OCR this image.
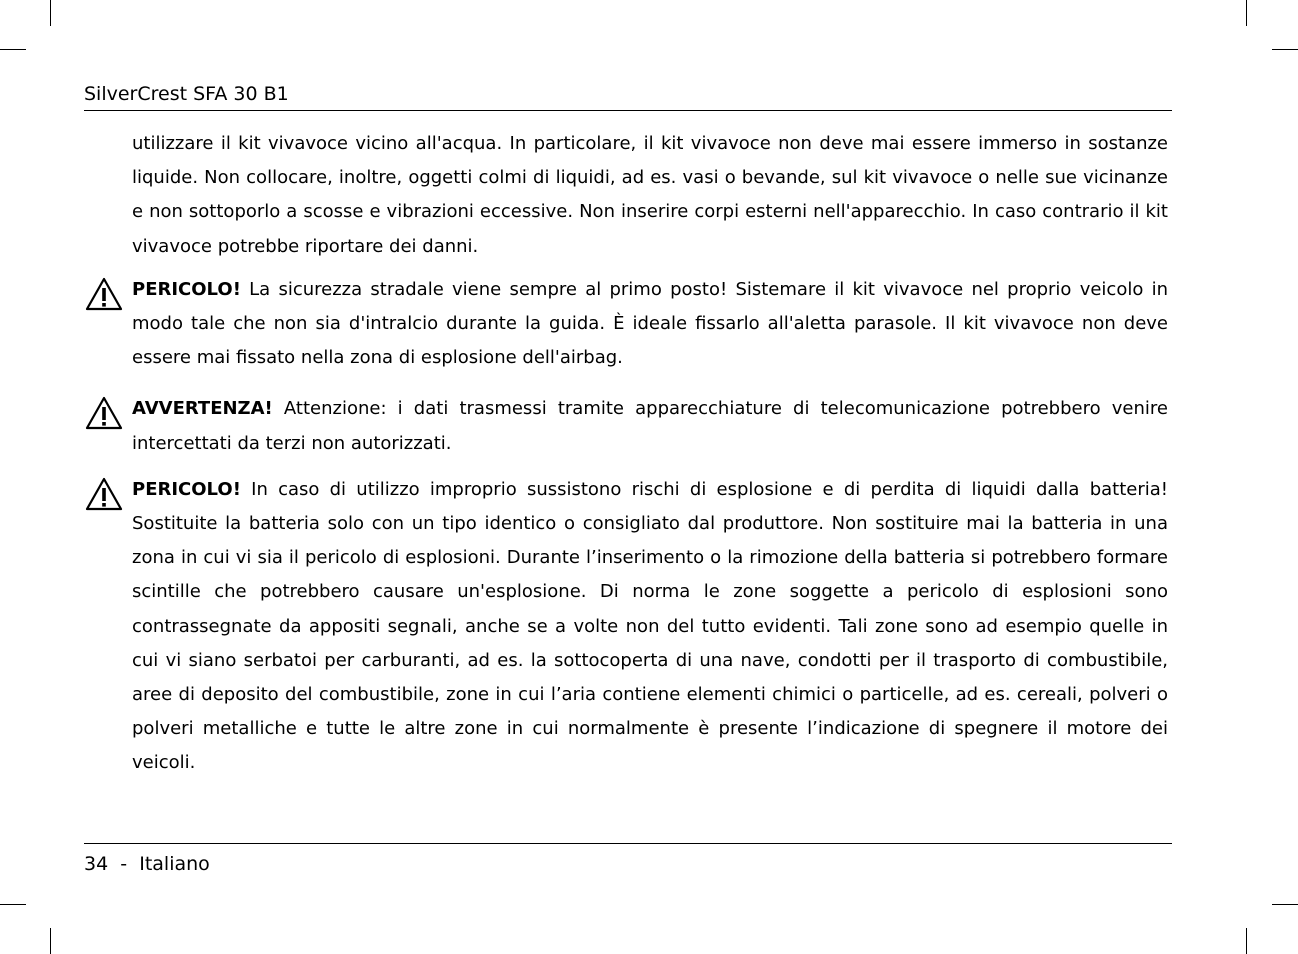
SilverCrest SFA 30 B1

utilizzare il kit vivavoce vicino all'acqua. In particolare, il kit vivavoce non deve mai essere immerso in sostanze liquide. Non collocare, inoltre, oggetti colmi di liquidi, ad es. vasi o bevande, sul kit vivavoce o nelle sue vicinanze e non sottoporlo a scosse e vibrazioni eccessive. Non inserire corpi esterni nell'apparecchio. In caso contrario il kit vivavoce potrebbe riportare dei danni.

PERICOLO! La sicurezza stradale viene sempre al primo posto! Sistemare il kit vivavoce nel proprio veicolo in modo tale che non sia d'intralcio durante la guida. È ideale fissarlo all'aletta parasole. Il kit vivavoce non deve essere mai fissato nella zona di esplosione dell'airbag.

AVVERTENZA! Attenzione: i dati trasmessi tramite apparecchiature di telecomunicazione potrebbero venire intercettati da terzi non autorizzati.

PERICOLO! In caso di utilizzo improprio sussistono rischi di esplosione e di perdita di liquidi dalla batteria! Sostituite la batteria solo con un tipo identico o consigliato dal produttore. Non sostituire mai la batteria in una zona in cui vi sia il pericolo di esplosioni. Durante l’inserimento o la rimozione della batteria si potrebbero formare scintille che potrebbero causare un'esplosione. Di norma le zone soggette a pericolo di esplosioni sono contrassegnate da appositi segnali, anche se a volte non del tutto evidenti. Tali zone sono ad esempio quelle in cui vi siano serbatoi per carburanti, ad es. la sottocoperta di una nave, condotti per il trasporto di combustibile, aree di deposito del combustibile, zone in cui l’aria contiene elementi chimici o particelle, ad es. cereali, polveri o polveri metalliche e tutte le altre zone in cui normalmente è presente l’indicazione di spegnere il motore dei veicoli.

34 - Italiano
